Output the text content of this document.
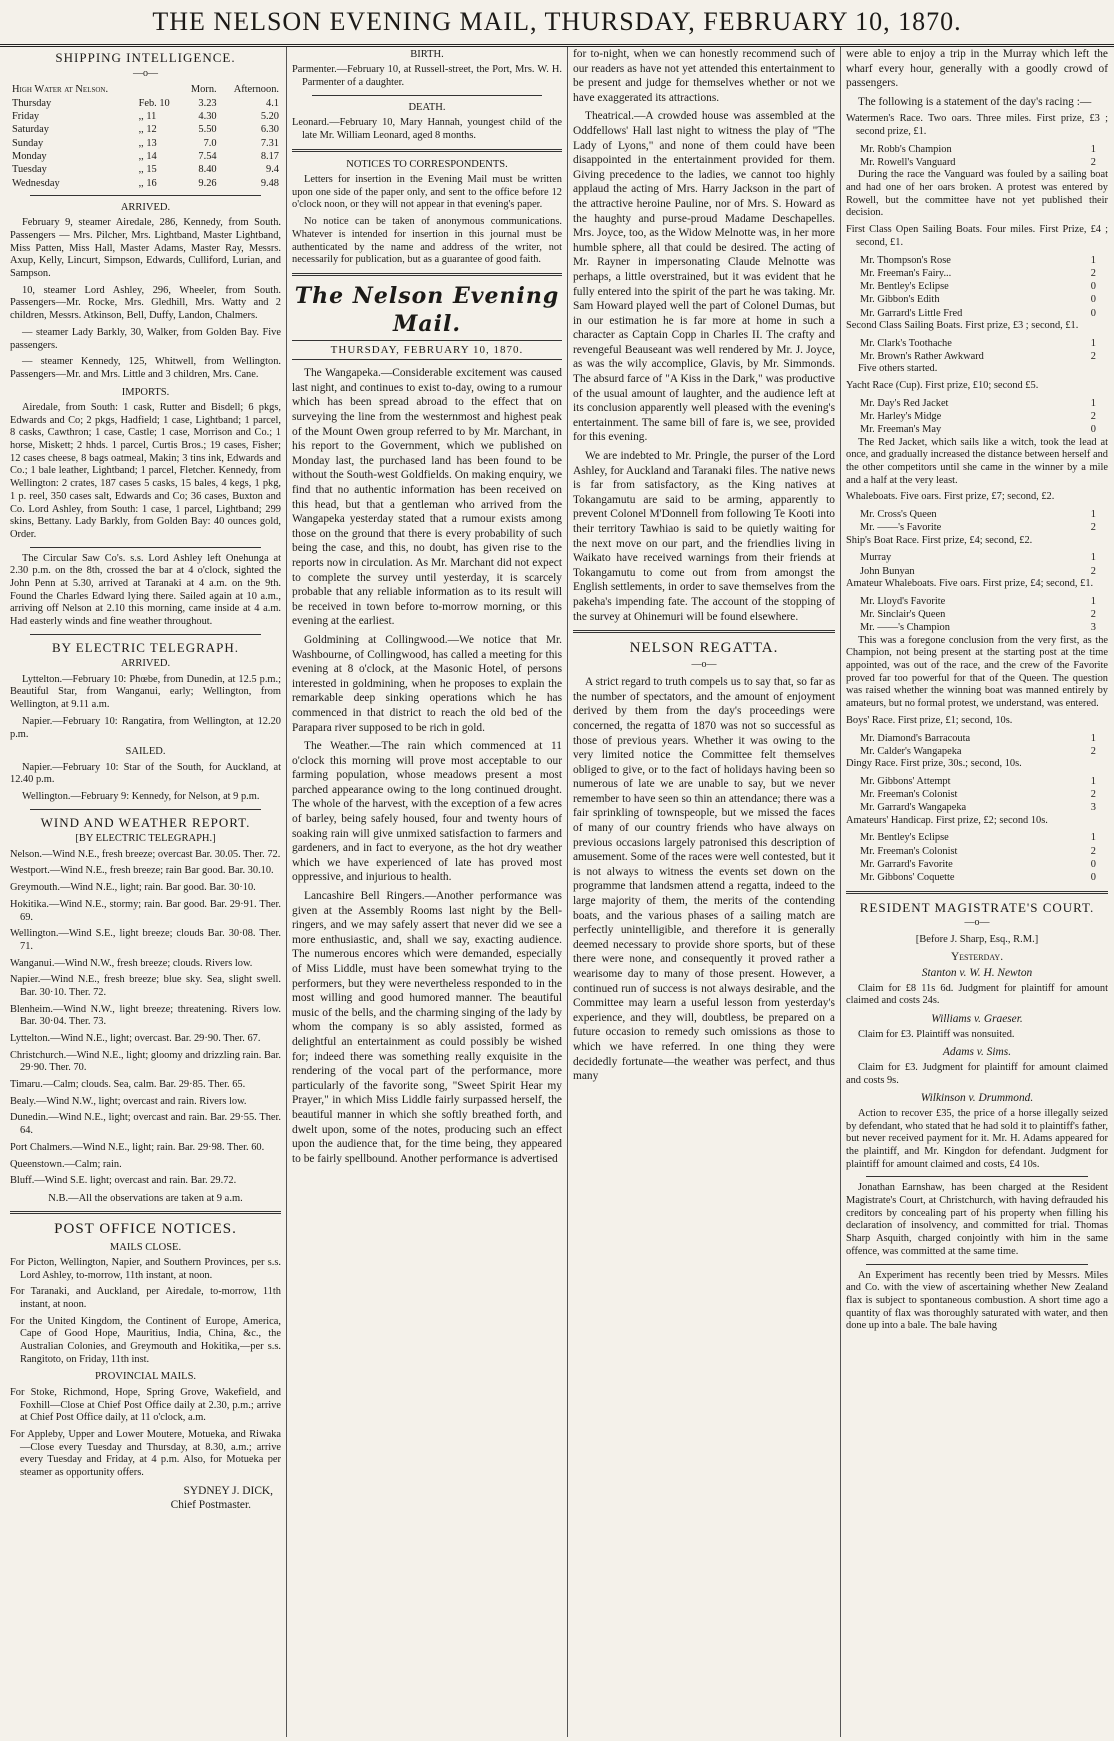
THE NELSON EVENING MAIL, THURSDAY, FEBRUARY 10, 1870.
SHIPPING INTELLIGENCE.
—o—
High Water at Nelson.		Morn.	Afternoon.
Thursday	Feb. 10	3.23	4.1
Friday	,, 11	4.30	5.20
Saturday	,, 12	5.50	6.30
Sunday	,, 13	7.0	7.31
Monday	,, 14	7.54	8.17
Tuesday	,, 15	8.40	9.4
Wednesday	,, 16	9.26	9.48
ARRIVED.

February 9, steamer Airedale, 286, Kennedy, from South. Passengers — Mrs. Pilcher, Mrs. Lightband, Master Lightband, Miss Patten, Miss Hall, Master Adams, Master Ray, Messrs. Axup, Kelly, Lincurt, Simpson, Edwards, Culliford, Lurian, and Sampson.

10, steamer Lord Ashley, 296, Wheeler, from South. Passengers—Mr. Rocke, Mrs. Gledhill, Mrs. Watty and 2 children, Messrs. Atkinson, Bell, Duffy, Landon, Chalmers.

— steamer Lady Barkly, 30, Walker, from Golden Bay. Five passengers.

— steamer Kennedy, 125, Whitwell, from Wellington. Passengers—Mr. and Mrs. Little and 3 children, Mrs. Cane.

IMPORTS.

Airedale, from South: 1 cask, Rutter and Bisdell; 6 pkgs, Edwards and Co; 2 pkgs, Hadfield; 1 case, Lightband; 1 parcel, 8 casks, Cawthron; 1 case, Castle; 1 case, Morrison and Co.; 1 horse, Miskett; 2 hhds. 1 parcel, Curtis Bros.; 19 cases, Fisher; 12 cases cheese, 8 bags oatmeal, Makin; 3 tins ink, Edwards and Co.; 1 bale leather, Lightband; 1 parcel, Fletcher. Kennedy, from Wellington: 2 crates, 187 cases 5 casks, 15 bales, 4 kegs, 1 pkg, 1 p. reel, 350 cases salt, Edwards and Co; 36 cases, Buxton and Co. Lord Ashley, from South: 1 case, 1 parcel, Lightband; 299 skins, Bettany. Lady Barkly, from Golden Bay: 40 ounces gold, Order.

The Circular Saw Co's. s.s. Lord Ashley left Onehunga at 2.30 p.m. on the 8th, crossed the bar at 4 o'clock, sighted the John Penn at 5.30, arrived at Taranaki at 4 a.m. on the 9th. Found the Charles Edward lying there. Sailed again at 10 a.m., arriving off Nelson at 2.10 this morning, came inside at 4 a.m. Had easterly winds and fine weather throughout.

BY ELECTRIC TELEGRAPH.
ARRIVED.

Lyttelton.—February 10: Phœbe, from Dunedin, at 12.5 p.m.; Beautiful Star, from Wanganui, early; Wellington, from Wellington, at 9.11 a.m.

Napier.—February 10: Rangatira, from Wellington, at 12.20 p.m.

SAILED.

Napier.—February 10: Star of the South, for Auckland, at 12.40 p.m.

Wellington.—February 9: Kennedy, for Nelson, at 9 p.m.

WIND AND WEATHER REPORT.
[BY ELECTRIC TELEGRAPH.]

Nelson.—Wind N.E., fresh breeze; overcast Bar. 30.05. Ther. 72.

Westport.—Wind N.E., fresh breeze; rain Bar good. Bar. 30.10.

Greymouth.—Wind N.E., light; rain. Bar good. Bar. 30·10.

Hokitika.—Wind N.E., stormy; rain. Bar good. Bar. 29·91. Ther. 69.

Wellington.—Wind S.E., light breeze; clouds Bar. 30·08. Ther. 71.

Wanganui.—Wind N.W., fresh breeze; clouds. Rivers low.

Napier.—Wind N.E., fresh breeze; blue sky. Sea, slight swell. Bar. 30·10. Ther. 72.

Blenheim.—Wind N.W., light breeze; threatening. Rivers low. Bar. 30·04. Ther. 73.

Lyttelton.—Wind N.E., light; overcast. Bar. 29·90. Ther. 67.

Christchurch.—Wind N.E., light; gloomy and drizzling rain. Bar. 29·90. Ther. 70.

Timaru.—Calm; clouds. Sea, calm. Bar. 29·85. Ther. 65.

Bealy.—Wind N.W., light; overcast and rain. Rivers low.

Dunedin.—Wind N.E., light; overcast and rain. Bar. 29·55. Ther. 64.

Port Chalmers.—Wind N.E., light; rain. Bar. 29·98. Ther. 60.

Queenstown.—Calm; rain.

Bluff.—Wind S.E. light; overcast and rain. Bar. 29.72.

N.B.—All the observations are taken at 9 a.m.
POST OFFICE NOTICES.
MAILS CLOSE.

For Picton, Wellington, Napier, and Southern Provinces, per s.s. Lord Ashley, to-morrow, 11th instant, at noon.

For Taranaki, and Auckland, per Airedale, to-morrow, 11th instant, at noon.

For the United Kingdom, the Continent of Europe, America, Cape of Good Hope, Mauritius, India, China, &c., the Australian Colonies, and Greymouth and Hokitika,—per s.s. Rangitoto, on Friday, 11th inst.

PROVINCIAL MAILS.

For Stoke, Richmond, Hope, Spring Grove, Wakefield, and Foxhill—Close at Chief Post Office daily at 2.30, p.m.; arrive at Chief Post Office daily, at 11 o'clock, a.m.

For Appleby, Upper and Lower Moutere, Motueka, and Riwaka—Close every Tuesday and Thursday, at 8.30, a.m.; arrive every Tuesday and Friday, at 4 p.m. Also, for Motueka per steamer as opportunity offers.

SYDNEY J. DICK,

Chief Postmaster.

BIRTH.

Parmenter.—February 10, at Russell-street, the Port, Mrs. W. H. Parmenter of a daughter.

DEATH.

Leonard.—February 10, Mary Hannah, youngest child of the late Mr. William Leonard, aged 8 months.

NOTICES TO CORRESPONDENTS.

Letters for insertion in the Evening Mail must be written upon one side of the paper only, and sent to the office before 12 o'clock noon, or they will not appear in that evening's paper.

No notice can be taken of anonymous communications. Whatever is intended for insertion in this journal must be authenticated by the name and address of the writer, not necessarily for publication, but as a guarantee of good faith.

The Nelson Evening Mail.
THURSDAY, FEBRUARY 10, 1870.

The Wangapeka.—Considerable excitement was caused last night, and continues to exist to-day, owing to a rumour which has been spread abroad to the effect that on surveying the line from the westernmost and highest peak of the Mount Owen group referred to by Mr. Marchant, in his report to the Government, which we published on Monday last, the purchased land has been found to be without the South-west Goldfields. On making enquiry, we find that no authentic information has been received on this head, but that a gentleman who arrived from the Wangapeka yesterday stated that a rumour exists among those on the ground that there is every probability of such being the case, and this, no doubt, has given rise to the reports now in circulation. As Mr. Marchant did not expect to complete the survey until yesterday, it is scarcely probable that any reliable information as to its result will be received in town before to-morrow morning, or this evening at the earliest.

Goldmining at Collingwood.—We notice that Mr. Washbourne, of Collingwood, has called a meeting for this evening at 8 o'clock, at the Masonic Hotel, of persons interested in goldmining, when he proposes to explain the remarkable deep sinking operations which he has commenced in that district to reach the old bed of the Parapara river supposed to be rich in gold.

The Weather.—The rain which commenced at 11 o'clock this morning will prove most acceptable to our farming population, whose meadows present a most parched appearance owing to the long continued drought. The whole of the harvest, with the exception of a few acres of barley, being safely housed, four and twenty hours of soaking rain will give unmixed satisfaction to farmers and gardeners, and in fact to everyone, as the hot dry weather which we have experienced of late has proved most oppressive, and injurious to health.

Lancashire Bell Ringers.—Another performance was given at the Assembly Rooms last night by the Bell-ringers, and we may safely assert that never did we see a more enthusiastic, and, shall we say, exacting audience. The numerous encores which were demanded, especially of Miss Liddle, must have been somewhat trying to the performers, but they were nevertheless responded to in the most willing and good humored manner. The beautiful music of the bells, and the charming singing of the lady by whom the company is so ably assisted, formed as delightful an entertainment as could possibly be wished for; indeed there was something really exquisite in the rendering of the vocal part of the performance, more particularly of the favorite song, "Sweet Spirit Hear my Prayer," in which Miss Liddle fairly surpassed herself, the beautiful manner in which she softly breathed forth, and dwelt upon, some of the notes, producing such an effect upon the audience that, for the time being, they appeared to be fairly spellbound. Another performance is advertised

for to-night, when we can honestly recommend such of our readers as have not yet attended this entertainment to be present and judge for themselves whether or not we have exaggerated its attractions.

Theatrical.—A crowded house was assembled at the Oddfellows' Hall last night to witness the play of "The Lady of Lyons," and none of them could have been disappointed in the entertainment provided for them. Giving precedence to the ladies, we cannot too highly applaud the acting of Mrs. Harry Jackson in the part of the attractive heroine Pauline, nor of Mrs. S. Howard as the haughty and purse-proud Madame Deschapelles. Mrs. Joyce, too, as the Widow Melnotte was, in her more humble sphere, all that could be desired. The acting of Mr. Rayner in impersonating Claude Melnotte was perhaps, a little overstrained, but it was evident that he fully entered into the spirit of the part he was taking. Mr. Sam Howard played well the part of Colonel Dumas, but in our estimation he is far more at home in such a character as Captain Copp in Charles II. The crafty and revengeful Beauseant was well rendered by Mr. J. Joyce, as was the wily accomplice, Glavis, by Mr. Simmonds. The absurd farce of "A Kiss in the Dark," was productive of the usual amount of laughter, and the audience left at its conclusion apparently well pleased with the evening's entertainment. The same bill of fare is, we see, provided for this evening.

We are indebted to Mr. Pringle, the purser of the Lord Ashley, for Auckland and Taranaki files. The native news is far from satisfactory, as the King natives at Tokangamutu are said to be arming, apparently to prevent Colonel M'Donnell from following Te Kooti into their territory Tawhiao is said to be quietly waiting for the next move on our part, and the friendlies living in Waikato have received warnings from their friends at Tokangamutu to come out from from amongst the English settlements, in order to save themselves from the pakeha's impending fate. The account of the stopping of the survey at Ohinemuri will be found elsewhere.

NELSON REGATTA.
—o—

A strict regard to truth compels us to say that, so far as the number of spectators, and the amount of enjoyment derived by them from the day's proceedings were concerned, the regatta of 1870 was not so successful as those of previous years. Whether it was owing to the very limited notice the Committee felt themselves obliged to give, or to the fact of holidays having been so numerous of late we are unable to say, but we never remember to have seen so thin an attendance; there was a fair sprinkling of townspeople, but we missed the faces of many of our country friends who have always on previous occasions largely patronised this description of amusement. Some of the races were well contested, but it is not always to witness the events set down on the programme that landsmen attend a regatta, indeed to the large majority of them, the merits of the contending boats, and the various phases of a sailing match are perfectly unintelligible, and therefore it is generally deemed necessary to provide shore sports, but of these there were none, and consequently it proved rather a wearisome day to many of those present. However, a continued run of success is not always desirable, and the Committee may learn a useful lesson from yesterday's experience, and they will, doubtless, be prepared on a future occasion to remedy such omissions as those to which we have referred. In one thing they were decidedly fortunate—the weather was perfect, and thus many

were able to enjoy a trip in the Murray which left the wharf every hour, generally with a goodly crowd of passengers.

The following is a statement of the day's racing :—

Watermen's Race. Two oars. Three miles. First prize, £3 ; second prize, £1.

Mr. Robb's Champion	1
Mr. Rowell's Vanguard	2

During the race the Vanguard was fouled by a sailing boat and had one of her oars broken. A protest was entered by Rowell, but the committee have not yet published their decision.

First Class Open Sailing Boats. Four miles. First Prize, £4 ; second, £1.

Mr. Thompson's Rose	1
Mr. Freeman's Fairy...	2
Mr. Bentley's Eclipse	0
Mr. Gibbon's Edith	0
Mr. Garrard's Little Fred	0

Second Class Sailing Boats. First prize, £3 ; second, £1.

Mr. Clark's Toothache	1
Mr. Brown's Rather Awkward	2

Five others started.

Yacht Race (Cup). First prize, £10; second £5.

Mr. Day's Red Jacket	1
Mr. Harley's Midge	2
Mr. Freeman's May	0

The Red Jacket, which sails like a witch, took the lead at once, and gradually increased the distance between herself and the other competitors until she came in the winner by a mile and a half at the very least.

Whaleboats. Five oars. First prize, £7; second, £2.

Mr. Cross's Queen	1
Mr. ——'s Favorite	2

Ship's Boat Race. First prize, £4; second, £2.

Murray	1
John Bunyan	2

Amateur Whaleboats. Five oars. First prize, £4; second, £1.

Mr. Lloyd's Favorite	1
Mr. Sinclair's Queen	2
Mr. ——'s Champion	3

This was a foregone conclusion from the very first, as the Champion, not being present at the starting post at the time appointed, was out of the race, and the crew of the Favorite proved far too powerful for that of the Queen. The question was raised whether the winning boat was manned entirely by amateurs, but no formal protest, we understand, was entered.

Boys' Race. First prize, £1; second, 10s.

Mr. Diamond's Barracouta	1
Mr. Calder's Wangapeka	2

Dingy Race. First prize, 30s.; second, 10s.

Mr. Gibbons' Attempt	1
Mr. Freeman's Colonist	2
Mr. Garrard's Wangapeka	3

Amateurs' Handicap. First prize, £2; second 10s.

Mr. Bentley's Eclipse	1
Mr. Freeman's Colonist	2
Mr. Garrard's Favorite	0
Mr. Gibbons' Coquette	0
RESIDENT MAGISTRATE'S COURT.
—o—
[Before J. Sharp, Esq., R.M.]
Yesterday.
Stanton v. W. H. Newton

Claim for £8 11s 6d. Judgment for plaintiff for amount claimed and costs 24s.

Williams v. Graeser.

Claim for £3. Plaintiff was nonsuited.

Adams v. Sims.

Claim for £3. Judgment for plaintiff for amount claimed and costs 9s.

Wilkinson v. Drummond.

Action to recover £35, the price of a horse illegally seized by defendant, who stated that he had sold it to plaintiff's father, but never received payment for it. Mr. H. Adams appeared for the plaintiff, and Mr. Kingdon for defendant. Judgment for plaintiff for amount claimed and costs, £4 10s.

Jonathan Earnshaw, has been charged at the Resident Magistrate's Court, at Christchurch, with having defrauded his creditors by concealing part of his property when filling his declaration of insolvency, and committed for trial. Thomas Sharp Asquith, charged conjointly with him in the same offence, was committed at the same time.

An Experiment has recently been tried by Messrs. Miles and Co. with the view of ascertaining whether New Zealand flax is subject to spontaneous combustion. A short time ago a quantity of flax was thoroughly saturated with water, and then done up into a bale. The bale having
